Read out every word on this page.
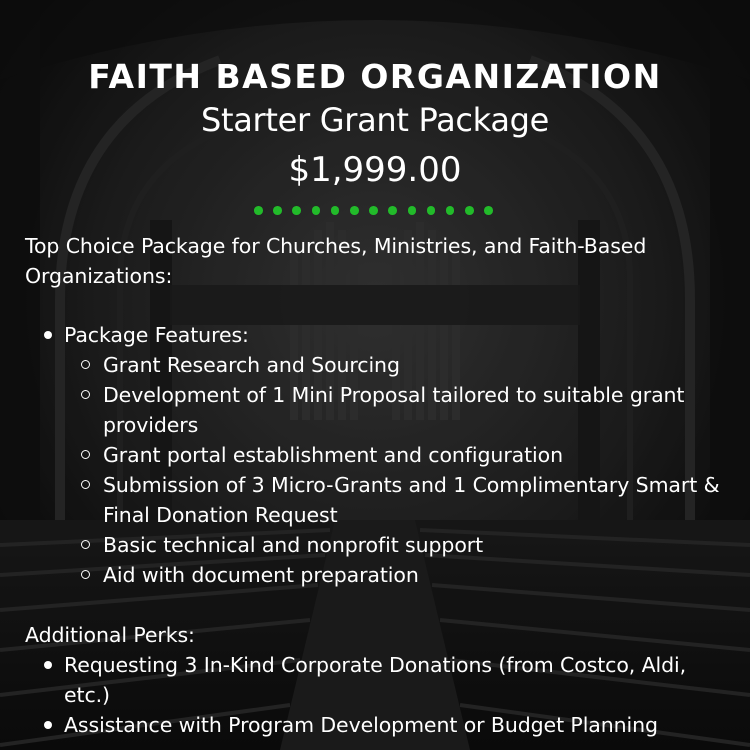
FAITH BASED ORGANIZATION
Starter Grant Package
$1,999.00
Top Choice Package for Churches, Ministries, and Faith-Based Organizations:
Package Features:
Grant Research and Sourcing
Development of 1 Mini Proposal tailored to suitable grant providers
Grant portal establishment and configuration
Submission of 3 Micro-Grants and 1 Complimentary Smart & Final Donation Request
Basic technical and nonprofit support
Aid with document preparation
Additional Perks:
Requesting 3 In-Kind Corporate Donations (from Costco, Aldi, etc.)
Assistance with Program Development or Budget Planning
